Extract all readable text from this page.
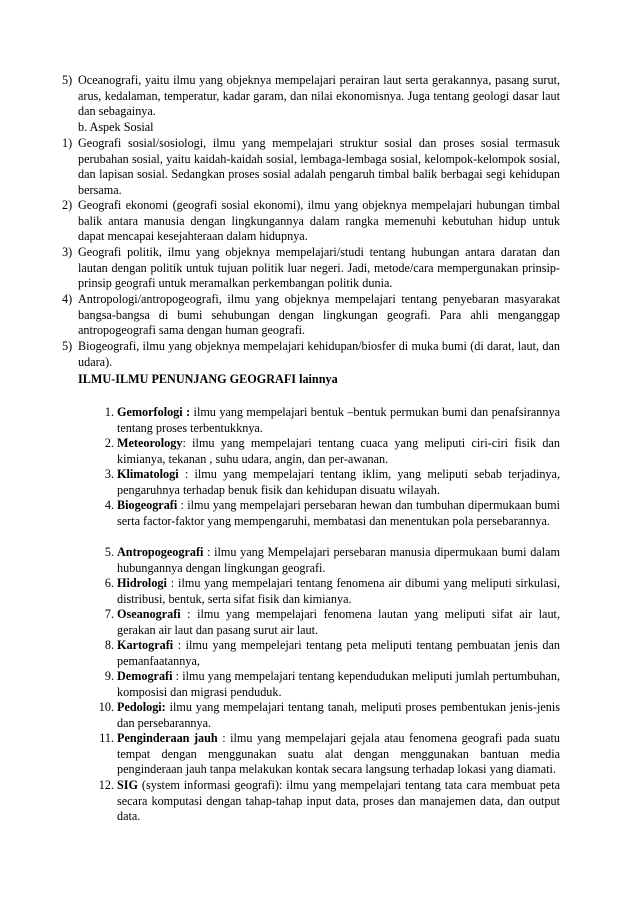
5) Oceanografi, yaitu ilmu yang objeknya mempelajari perairan laut serta gerakannya, pasang surut, arus, kedalaman, temperatur, kadar garam, dan nilai ekonomisnya. Juga tentang geologi dasar laut dan sebagainya.
b. Aspek Sosial
1) Geografi sosial/sosiologi, ilmu yang mempelajari struktur sosial dan proses sosial termasuk perubahan sosial, yaitu kaidah-kaidah sosial, lembaga-lembaga sosial, kelompok-kelompok sosial, dan lapisan sosial. Sedangkan proses sosial adalah pengaruh timbal balik berbagai segi kehidupan bersama.
2) Geografi ekonomi (geografi sosial ekonomi), ilmu yang objeknya mempelajari hubungan timbal balik antara manusia dengan lingkungannya dalam rangka memenuhi kebutuhan hidup untuk dapat mencapai kesejahteraan dalam hidupnya.
3) Geografi politik, ilmu yang objeknya mempelajari/studi tentang hubungan antara daratan dan lautan dengan politik untuk tujuan politik luar negeri. Jadi, metode/cara mempergunakan prinsip-prinsip geografi untuk meramalkan perkembangan politik dunia.
4) Antropologi/antropogeografi, ilmu yang objeknya mempelajari tentang penyebaran masyarakat bangsa-bangsa di bumi sehubungan dengan lingkungan geografi. Para ahli menganggap antropogeografi sama dengan human geografi.
5) Biogeografi, ilmu yang objeknya mempelajari kehidupan/biosfer di muka bumi (di darat, laut, dan udara).
ILMU-ILMU PENUNJANG GEOGRAFI lainnya
1. Gemorfologi : ilmu yang mempelajari bentuk –bentuk permukan bumi dan penafsirannya tentang proses terbentukknya.
2. Meteorology: ilmu yang mempelajari tentang cuaca yang meliputi ciri-ciri fisik dan kimianya, tekanan , suhu udara, angin, dan per-awanan.
3. Klimatologi : ilmu yang mempelajari tentang iklim, yang meliputi sebab terjadinya, pengaruhnya terhadap benuk fisik dan kehidupan disuatu wilayah.
4. Biogeografi : ilmu yang mempelajari persebaran hewan dan tumbuhan dipermukaan bumi serta factor-faktor yang mempengaruhi, membatasi dan menentukan pola persebarannya.
5. Antropogeografi : ilmu yang Mempelajari persebaran manusia dipermukaan bumi dalam hubungannya dengan lingkungan geografi.
6. Hidrologi : ilmu yang mempelajari tentang fenomena air dibumi yang meliputi sirkulasi, distribusi, bentuk, serta sifat fisik dan kimianya.
7. Oseanografi : ilmu yang mempelajari fenomena lautan yang meliputi sifat air laut, gerakan air laut dan pasang surut air laut.
8. Kartografi : ilmu yang mempelejari tentang peta meliputi tentang pembuatan jenis dan pemanfaatannya,
9. Demografi : ilmu yang mempelajari tentang kependudukan meliputi jumlah pertumbuhan, komposisi dan migrasi penduduk.
10. Pedologi: ilmu yang mempelajari tentang tanah, meliputi proses pembentukan jenis-jenis dan persebarannya.
11. Penginderaan jauh : ilmu yang mempelajari gejala atau fenomena geografi pada suatu tempat dengan menggunakan suatu alat dengan menggunakan bantuan media penginderaan jauh tanpa melakukan kontak secara langsung terhadap lokasi yang diamati.
12. SIG (system informasi geografi): ilmu yang mempelajari tentang tata cara membuat peta secara komputasi dengan tahap-tahap input data, proses dan manajemen data, dan output data.
